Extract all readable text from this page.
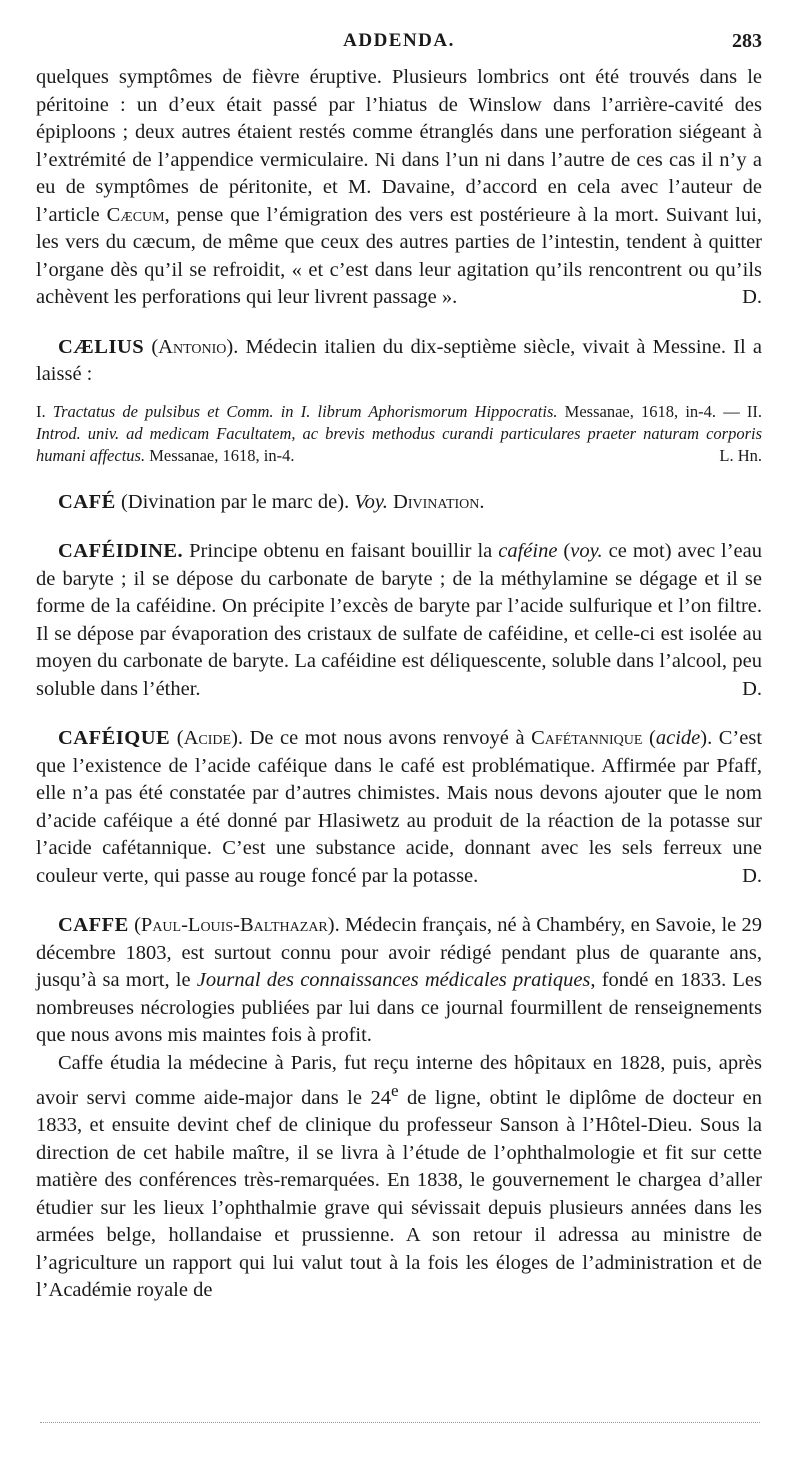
ADDENDA.	283

quelques symptômes de fièvre éruptive. Plusieurs lombrics ont été trouvés dans le péritoine : un d’eux était passé par l’hiatus de Winslow dans l’arrière-cavité des épiploons ; deux autres étaient restés comme étranglés dans une perforation siégeant à l’extrémité de l’appendice vermiculaire. Ni dans l’un ni dans l’autre de ces cas il n’y a eu de symptômes de péritonite, et M. Davaine, d’accord en cela avec l’auteur de l’article Cæcum, pense que l’émigration des vers est postérieure à la mort. Suivant lui, les vers du cæcum, de même que ceux des autres parties de l’intestin, tendent à quitter l’organe dès qu’il se refroidit, « et c’est dans leur agitation qu’ils rencontrent ou qu’ils achèvent les perforations qui leur livrent passage ».	D.

CÆLIUS (Antonio). Médecin italien du dix-septième siècle, vivait à Messine. Il a laissé :

I. Tractatus de pulsibus et Comm. in I. librum Aphorismorum Hippocratis. Messanae, 1618, in-4. — II. Introd. univ. ad medicam Facultatem, ac brevis methodus curandi particulares praeter naturam corporis humani affectus. Messanae, 1618, in-4.	L. Hn.

CAFÉ (Divination par le marc de). Voy. Divination.

CAFÉIDINE. Principe obtenu en faisant bouillir la caféine (voy. ce mot) avec l’eau de baryte ; il se dépose du carbonate de baryte ; de la méthylamine se dégage et il se forme de la caféidine. On précipite l’excès de baryte par l’acide sulfurique et l’on filtre. Il se dépose par évaporation des cristaux de sulfate de caféidine, et celle-ci est isolée au moyen du carbonate de baryte. La caféidine est déliquescente, soluble dans l’alcool, peu soluble dans l’éther.	D.

CAFÉIQUE (Acide). De ce mot nous avons renvoyé à Cafétannique (acide). C’est que l’existence de l’acide caféique dans le café est problématique. Affirmée par Pfaff, elle n’a pas été constatée par d’autres chimistes. Mais nous devons ajouter que le nom d’acide caféique a été donné par Hlasiwetz au produit de la réaction de la potasse sur l’acide cafétannique. C’est une substance acide, donnant avec les sels ferreux une couleur verte, qui passe au rouge foncé par la potasse.	D.

CAFFE (Paul-Louis-Balthazar). Médecin français, né à Chambéry, en Savoie, le 29 décembre 1803, est surtout connu pour avoir rédigé pendant plus de quarante ans, jusqu’à sa mort, le Journal des connaissances médicales pratiques, fondé en 1833. Les nombreuses nécrologies publiées par lui dans ce journal fourmillent de renseignements que nous avons mis maintes fois à profit.

Caffe étudia la médecine à Paris, fut reçu interne des hôpitaux en 1828, puis, après avoir servi comme aide-major dans le 24e de ligne, obtint le diplôme de docteur en 1833, et ensuite devint chef de clinique du professeur Sanson à l’Hôtel-Dieu. Sous la direction de cet habile maître, il se livra à l’étude de l’ophthalmologie et fit sur cette matière des conférences très-remarquées. En 1838, le gouvernement le chargea d’aller étudier sur les lieux l’ophthalmie grave qui sévissait depuis plusieurs années dans les armées belge, hollandaise et prussienne. A son retour il adressa au ministre de l’agriculture un rapport qui lui valut tout à la fois les éloges de l’administration et de l’Académie royale de
